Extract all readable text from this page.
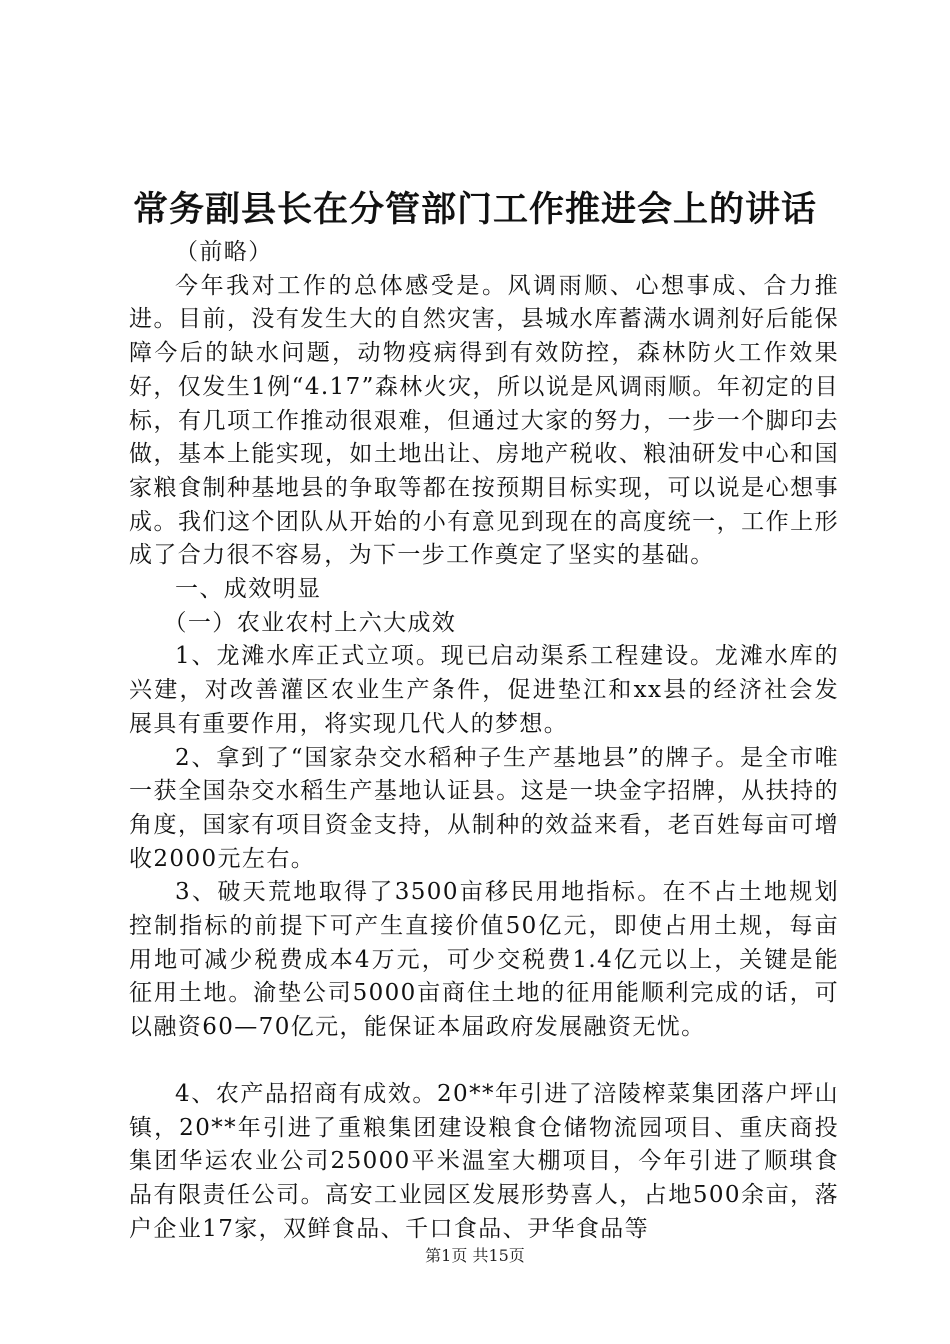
常务副县长在分管部门工作推进会上的讲话

（前略）

今年我对工作的总体感受是。风调雨顺、心想事成、合力推进。目前，没有发生大的自然灾害，县城水库蓄满水调剂好后能保障今后的缺水问题，动物疫病得到有效防控，森林防火工作效果好，仅发生1例“4.17”森林火灾，所以说是风调雨顺。年初定的目标，有几项工作推动很艰难，但通过大家的努力，一步一个脚印去做，基本上能实现，如土地出让、房地产税收、粮油研发中心和国家粮食制种基地县的争取等都在按预期目标实现，可以说是心想事成。我们这个团队从开始的小有意见到现在的高度统一，工作上形成了合力很不容易，为下一步工作奠定了坚实的基础。

一、成效明显

（一）农业农村上六大成效

1、龙滩水库正式立项。现已启动渠系工程建设。龙滩水库的兴建，对改善灌区农业生产条件，促进垫江和xx县的经济社会发展具有重要作用，将实现几代人的梦想。

2、拿到了“国家杂交水稻种子生产基地县”的牌子。是全市唯一获全国杂交水稻生产基地认证县。这是一块金字招牌，从扶持的角度，国家有项目资金支持，从制种的效益来看，老百姓每亩可增收2000元左右。

3、破天荒地取得了3500亩移民用地指标。在不占土地规划控制指标的前提下可产生直接价值50亿元，即使占用土规，每亩用地可减少税费成本4万元，可少交税费1.4亿元以上，关键是能征用土地。渝垫公司5000亩商住土地的征用能顺利完成的话，可以融资60—70亿元，能保证本届政府发展融资无忧。

4、农产品招商有成效。20**年引进了涪陵榨菜集团落户坪山镇，20**年引进了重粮集团建设粮食仓储物流园项目、重庆商投集团华运农业公司25000平米温室大棚项目，今年引进了顺琪食品有限责任公司。高安工业园区发展形势喜人，占地500余亩，落户企业17家，双鲜食品、千口食品、尹华食品等

第1页 共15页
